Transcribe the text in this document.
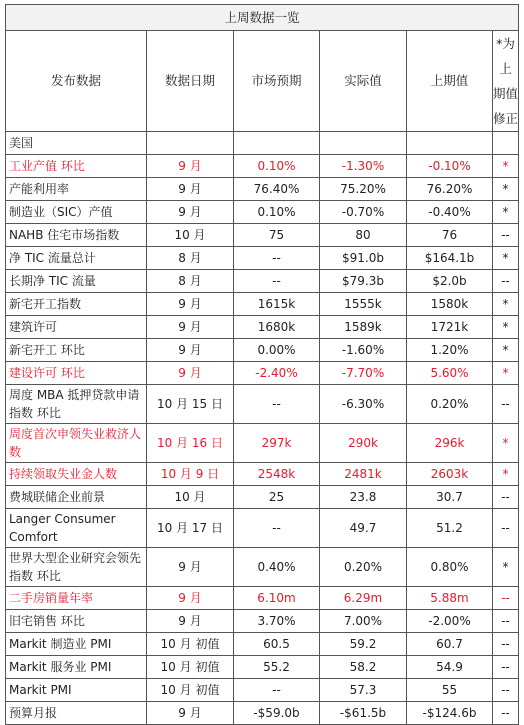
上周数据一览					
发布数据	数据日期	市场预期	实际值	上期值	*为上
期值
修正

美国					
工业产值 环比	9 月	0.10%	-1.30%	-0.10%	*
产能利用率	9 月	76.40%	75.20%	76.20%	*
制造业（SIC）产值	9 月	0.10%	-0.70%	-0.40%	*
NAHB 住宅市场指数	10 月	75	80	76	--
净 TIC 流量总计	8 月	--	$91.0b	$164.1b	*
长期净 TIC 流量	8 月	--	$79.3b	$2.0b	--
新宅开工指数	9 月	1615k	1555k	1580k	*
建筑许可	9 月	1680k	1589k	1721k	*
新宅开工 环比	9 月	0.00%	-1.60%	1.20%	*
建设许可 环比	9 月	-2.40%	-7.70%	5.60%	*
周度 MBA 抵押贷款申请指数 环比	10 月 15 日	--	-6.30%	0.20%	--
周度首次申领失业救济人数	10 月 16 日	297k	290k	296k	*
持续领取失业金人数	10 月 9 日	2548k	2481k	2603k	*
费城联储企业前景	10 月	25	23.8	30.7	--
Langer Consumer Comfort	10 月 17 日	--	49.7	51.2	--
世界大型企业研究会领先指数 环比	9 月	0.40%	0.20%	0.80%	*
二手房销量年率	9 月	6.10m	6.29m	5.88m	--
旧宅销售 环比	9 月	3.70%	7.00%	-2.00%	--
Markit 制造业 PMI	10 月 初值	60.5	59.2	60.7	--
Markit 服务业 PMI	10 月 初值	55.2	58.2	54.9	--
Markit PMI	10 月 初值	--	57.3	55	--
预算月报	9 月	-$59.0b	-$61.5b	-$124.6b	--
